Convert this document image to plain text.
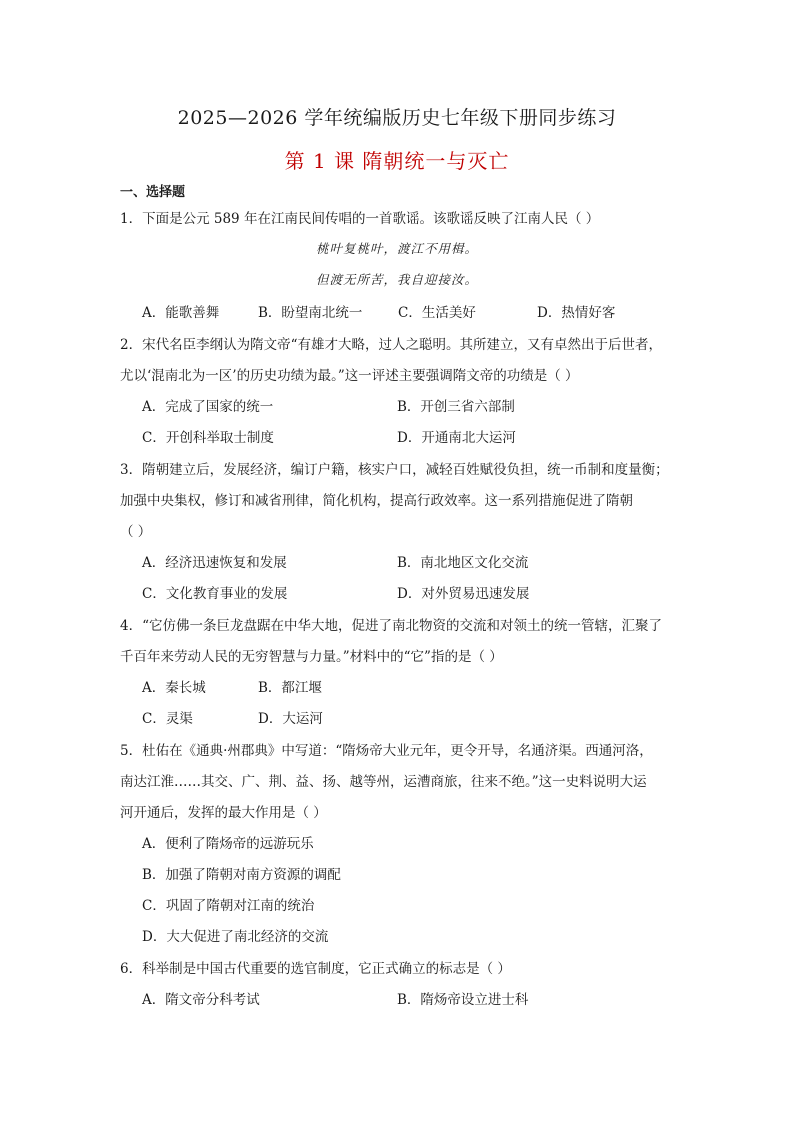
2025—2026 学年统编版历史七年级下册同步练习
第 1 课 隋朝统一与灭亡
一、选择题
1．下面是公元 589 年在江南民间传唱的一首歌谣。该歌谣反映了江南人民（ ）
桃叶复桃叶，渡江不用楫。
但渡无所苦，我自迎接汝。
A．能歌善舞	B．盼望南北统一	C．生活美好	D．热情好客
2．宋代名臣李纲认为隋文帝“有雄才大略，过人之聪明。其所建立，又有卓然出于后世者，
尤以‘混南北为一区’的历史功绩为最。”这一评述主要强调隋文帝的功绩是（ ）
A．完成了国家的统一	B．开创三省六部制
C．开创科举取士制度	D．开通南北大运河
3．隋朝建立后，发展经济，编订户籍，核实户口，减轻百姓赋役负担，统一币制和度量衡；
加强中央集权，修订和减省刑律，简化机构，提高行政效率。这一系列措施促进了隋朝
（ ）
A．经济迅速恢复和发展	B．南北地区文化交流
C．文化教育事业的发展	D．对外贸易迅速发展
4．“它仿佛一条巨龙盘踞在中华大地，促进了南北物资的交流和对领土的统一管辖，汇聚了
千百年来劳动人民的无穷智慧与力量。”材料中的“它”指的是（ ）
A．秦长城	B．都江堰
C．灵渠	D．大运河
5．杜佑在《通典·州郡典》中写道：“隋炀帝大业元年，更令开导，名通济渠。西通河洛，
南达江淮……其交、广、荆、益、扬、越等州，运漕商旅，往来不绝。”这一史料说明大运
河开通后，发挥的最大作用是（ ）
A．便利了隋炀帝的远游玩乐
B．加强了隋朝对南方资源的调配
C．巩固了隋朝对江南的统治
D．大大促进了南北经济的交流
6．科举制是中国古代重要的选官制度，它正式确立的标志是（ ）
A．隋文帝分科考试	B．隋炀帝设立进士科
